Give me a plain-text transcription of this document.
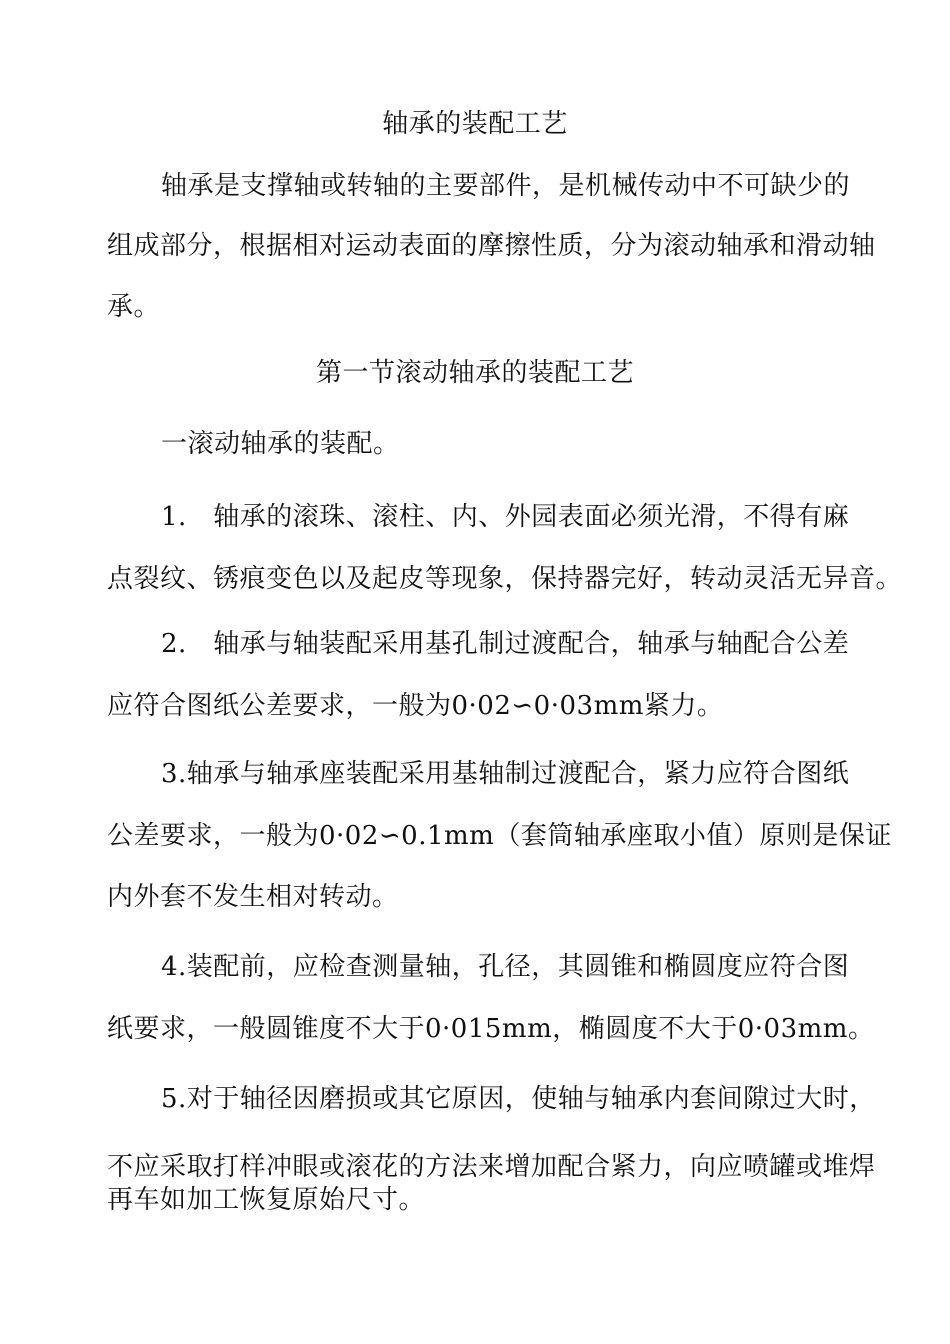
轴承的装配工艺
轴承是支撑轴或转轴的主要部件，是机械传动中不可缺少的
组成部分，根据相对运动表面的摩擦性质，分为滚动轴承和滑动轴
承。
第一节滚动轴承的装配工艺
一滚动轴承的装配。
1.　轴承的滚珠、滚柱、内、外园表面必须光滑，不得有麻
点裂纹、锈痕变色以及起皮等现象，保持器完好，转动灵活无异音。
2.　轴承与轴装配采用基孔制过渡配合，轴承与轴配合公差
应符合图纸公差要求，一般为0·02∽0·03mm紧力。
3.轴承与轴承座装配采用基轴制过渡配合，紧力应符合图纸
公差要求，一般为0·02∽0.1mm（套筒轴承座取小值）原则是保证
内外套不发生相对转动。
4.装配前，应检查测量轴，孔径，其圆锥和椭圆度应符合图
纸要求，一般圆锥度不大于0·015mm，椭圆度不大于0·03mm。
5.对于轴径因磨损或其它原因，使轴与轴承内套间隙过大时，
不应采取打样冲眼或滚花的方法来增加配合紧力，向应喷罐或堆焊
再车如加工恢复原始尺寸。
